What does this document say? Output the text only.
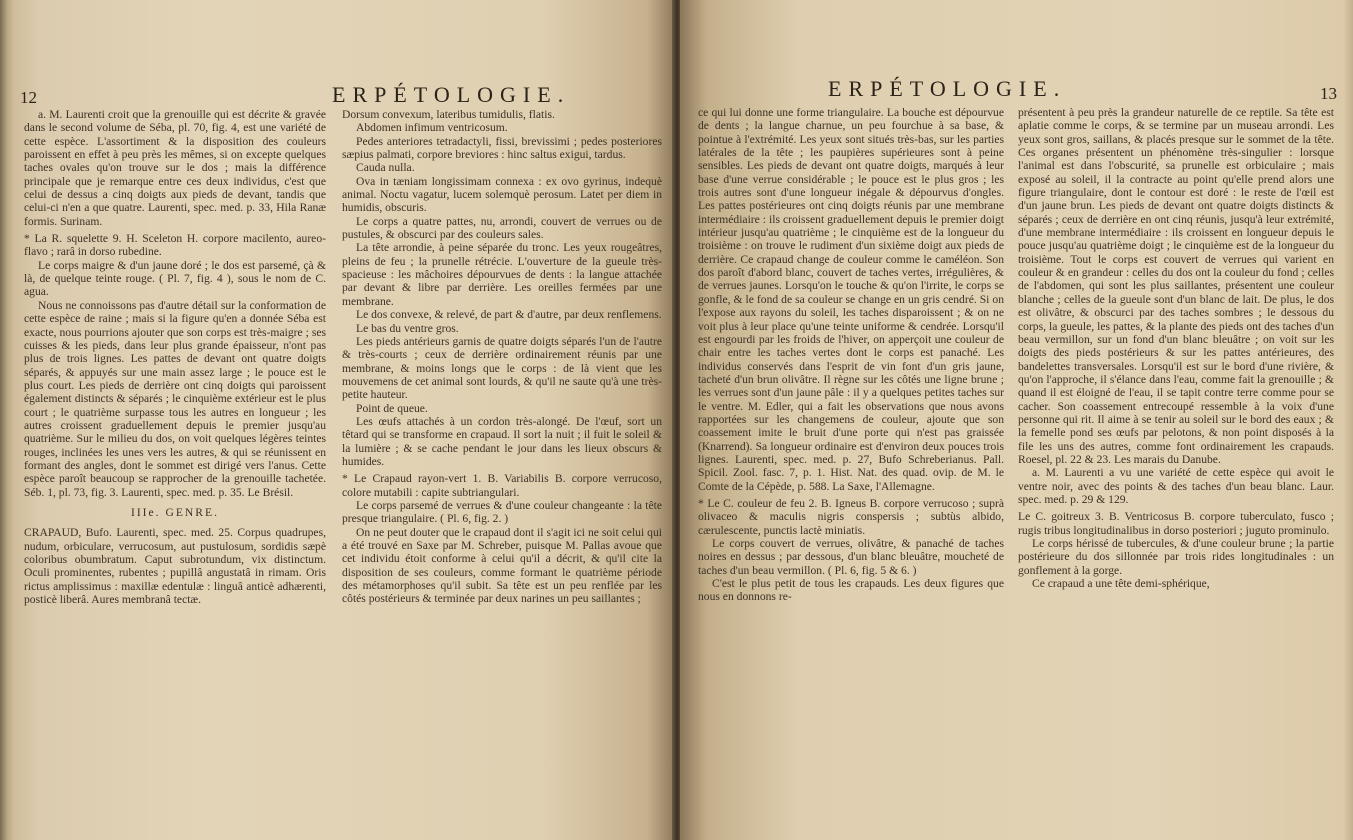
12	ERPÉTOLOGIE.

a. M. Laurenti croit que la grenouille qui est décrite & gravée dans le second volume de Séba, pl. 70, fig. 4, est une variété de cette espèce. L'assortiment & la disposition des couleurs paroissent en effet à peu près les mêmes, si on excepte quelques taches ovales qu'on trouve sur le dos ; mais la différence principale que je remarque entre ces deux individus, c'est que celui de dessus a cinq doigts aux pieds de devant, tandis que celui-ci n'en a que quatre. Laurenti, spec. med. p. 33, Hila Ranæ formis. Surinam.

* La R. squelette 9. H. Sceleton H. corpore macilento, aureo-flavo ; rarâ in dorso rubedine.

Le corps maigre & d'un jaune doré ; le dos est parsemé, çà & là, de quelque teinte rouge. ( Pl. 7, fig. 4 ), sous le nom de C. agua.

Nous ne connoissons pas d'autre détail sur la conformation de cette espèce de raine ; mais si la figure qu'en a donnée Séba est exacte, nous pourrions ajouter que son corps est très-maigre ; ses cuisses & les pieds, dans leur plus grande épaisseur, n'ont pas plus de trois lignes. Les pattes de devant ont quatre doigts séparés, & appuyés sur une main assez large ; le pouce est le plus court. Les pieds de derrière ont cinq doigts qui paroissent également distincts & séparés ; le cinquième extérieur est le plus court ; le quatrième surpasse tous les autres en longueur ; les autres croissent graduellement depuis le premier jusqu'au quatrième. Sur le milieu du dos, on voit quelques légères teintes rouges, inclinées les unes vers les autres, & qui se réunissent en formant des angles, dont le sommet est dirigé vers l'anus. Cette espèce paroît beaucoup se rapprocher de la grenouille tachetée. Séb. 1, pl. 73, fig. 3. Laurenti, spec. med. p. 35. Le Brésil.

IIIe. GENRE.

CRAPAUD, Bufo. Laurenti, spec. med. 25. Corpus quadrupes, nudum, orbiculare, verrucosum, aut pustulosum, sordidis sæpè coloribus obumbratum. Caput subrotundum, vix distinctum. Oculi prominentes, rubentes ; pupillâ angustatâ in rimam. Oris rictus amplissimus : maxillæ edentulæ : linguâ anticè adhærenti, posticè liberâ. Aures membranâ tectæ.

Dorsum convexum, lateribus tumidulis, flatis.

Abdomen infimum ventricosum.

Pedes anteriores tetradactyli, fissi, brevissimi ; pedes posteriores sæpius palmati, corpore breviores : hinc saltus exigui, tardus.

Cauda nulla.

Ova in tæniam longissimam connexa : ex ovo gyrinus, indequè animal. Noctu vagatur, lucem solemquè perosum. Latet per diem in humidis, obscuris.

Le corps a quatre pattes, nu, arrondi, couvert de verrues ou de pustules, & obscurci par des couleurs sales.

La tête arrondie, à peine séparée du tronc. Les yeux rougeâtres, pleins de feu ; la prunelle rétrécie. L'ouverture de la gueule très-spacieuse : les mâchoires dépourvues de dents : la langue attachée par devant & libre par derrière. Les oreilles fermées par une membrane.

Le dos convexe, & relevé, de part & d'autre, par deux renflemens.

Le bas du ventre gros.

Les pieds antérieurs garnis de quatre doigts séparés l'un de l'autre & très-courts ; ceux de derrière ordinairement réunis par une membrane, & moins longs que le corps : de là vient que les mouvemens de cet animal sont lourds, & qu'il ne saute qu'à une très-petite hauteur.

Point de queue.

Les œufs attachés à un cordon très-alongé. De l'œuf, sort un têtard qui se transforme en crapaud. Il sort la nuit ; il fuit le soleil & la lumière ; & se cache pendant le jour dans les lieux obscurs & humides.

* Le Crapaud rayon-vert 1. B. Variabilis B. corpore verrucoso, colore mutabili : capite subtriangulari.

Le corps parsemé de verrues & d'une couleur changeante : la tête presque triangulaire. ( Pl. 6, fig. 2. )

On ne peut douter que le crapaud dont il s'agit ici ne soit celui qui a été trouvé en Saxe par M. Schreber, puisque M. Pallas avoue que cet individu étoit conforme à celui qu'il a décrit, & qu'il cite la disposition de ses couleurs, comme formant le quatrième période des métamorphoses qu'il subit. Sa tête est un peu renflée par les côtés postérieurs & terminée par deux narines un peu saillantes ;

ERPÉTOLOGIE.	13

ce qui lui donne une forme triangulaire. La bouche est dépourvue de dents ; la langue charnue, un peu fourchue à sa base, & pointue à l'extrémité. Les yeux sont situés très-bas, sur les parties latérales de la tête ; les paupières supérieures sont à peine sensibles. Les pieds de devant ont quatre doigts, marqués à leur base d'une verrue considérable ; le pouce est le plus gros ; les trois autres sont d'une longueur inégale & dépourvus d'ongles. Les pattes postérieures ont cinq doigts réunis par une membrane intermédiaire : ils croissent graduellement depuis le premier doigt intérieur jusqu'au quatrième ; le cinquième est de la longueur du troisième : on trouve le rudiment d'un sixième doigt aux pieds de derrière. Ce crapaud change de couleur comme le caméléon. Son dos paroît d'abord blanc, couvert de taches vertes, irrégulières, & de verrues jaunes. Lorsqu'on le touche & qu'on l'irrite, le corps se gonfle, & le fond de sa couleur se change en un gris cendré. Si on l'expose aux rayons du soleil, les taches disparoissent ; & on ne voit plus à leur place qu'une teinte uniforme & cendrée. Lorsqu'il est engourdi par les froids de l'hiver, on apperçoit une couleur de chair entre les taches vertes dont le corps est panaché. Les individus conservés dans l'esprit de vin font d'un gris jaune, tacheté d'un brun olivâtre. Il règne sur les côtés une ligne brune ; les verrues sont d'un jaune pâle : il y a quelques petites taches sur le ventre. M. Edler, qui a fait les observations que nous avons rapportées sur les changemens de couleur, ajoute que son coassement imite le bruit d'une porte qui n'est pas graissée (Knarrend). Sa longueur ordinaire est d'environ deux pouces trois lignes. Laurenti, spec. med. p. 27, Bufo Schreberianus. Pall. Spicil. Zool. fasc. 7, p. 1. Hist. Nat. des quad. ovip. de M. le Comte de la Cépède, p. 588. La Saxe, l'Allemagne.

* Le C. couleur de feu 2. B. Igneus B. corpore verrucoso ; suprà olivaceo & maculis nigris conspersis ; subtùs albido, cærulescente, punctis lactè miniatis.

Le corps couvert de verrues, olivâtre, & panaché de taches noires en dessus ; par dessous, d'un blanc bleuâtre, moucheté de taches d'un beau vermillon. ( Pl. 6, fig. 5 & 6. )

C'est le plus petit de tous les crapauds. Les deux figures que nous en donnons re-

présentent à peu près la grandeur naturelle de ce reptile. Sa tête est aplatie comme le corps, & se termine par un museau arrondi. Les yeux sont gros, saillans, & placés presque sur le sommet de la tête. Ces organes présentent un phénomène très-singulier : lorsque l'animal est dans l'obscurité, sa prunelle est orbiculaire ; mais exposé au soleil, il la contracte au point qu'elle prend alors une figure triangulaire, dont le contour est doré : le reste de l'œil est d'un jaune brun. Les pieds de devant ont quatre doigts distincts & séparés ; ceux de derrière en ont cinq réunis, jusqu'à leur extrémité, d'une membrane intermédiaire : ils croissent en longueur depuis le pouce jusqu'au quatrième doigt ; le cinquième est de la longueur du troisième. Tout le corps est couvert de verrues qui varient en couleur & en grandeur : celles du dos ont la couleur du fond ; celles de l'abdomen, qui sont les plus saillantes, présentent une couleur blanche ; celles de la gueule sont d'un blanc de lait. De plus, le dos est olivâtre, & obscurci par des taches sombres ; le dessous du corps, la gueule, les pattes, & la plante des pieds ont des taches d'un beau vermillon, sur un fond d'un blanc bleuâtre ; on voit sur les doigts des pieds postérieurs & sur les pattes antérieures, des bandelettes transversales. Lorsqu'il est sur le bord d'une rivière, & qu'on l'approche, il s'élance dans l'eau, comme fait la grenouille ; & quand il est éloigné de l'eau, il se tapit contre terre comme pour se cacher. Son coassement entrecoupé ressemble à la voix d'une personne qui rit. Il aime à se tenir au soleil sur le bord des eaux ; & la femelle pond ses œufs par pelotons, & non point disposés à la file les uns des autres, comme font ordinairement les crapauds. Roesel, pl. 22 & 23. Les marais du Danube.

a. M. Laurenti a vu une variété de cette espèce qui avoit le ventre noir, avec des points & des taches d'un beau blanc. Laur. spec. med. p. 29 & 129.

Le C. goitreux 3. B. Ventricosus B. corpore tuberculato, fusco ; rugis tribus longitudinalibus in dorso posteriori ; juguto prominulo.

Le corps hérissé de tubercules, & d'une couleur brune ; la partie postérieure du dos sillonnée par trois rides longitudinales : un gonflement à la gorge.

Ce crapaud a une tête demi-sphérique,
